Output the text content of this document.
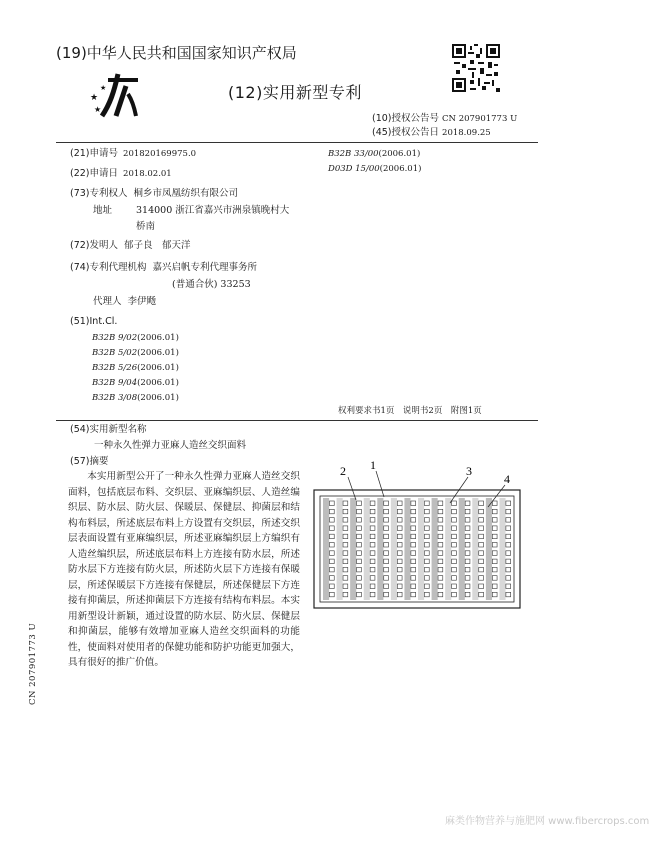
(19)中华人民共和国国家知识产权局
★
★
★	(12)实用新型专利
(10)授权公告号 CN 207901773 U
(45)授权公告日 2018.09.25
(21)申请号 201820169975.0
(22)申请日 2018.02.01
(73)专利权人 桐乡市凤凰纺织有限公司
地址	314000 浙江省嘉兴市洲泉镇晚村大
桥南
(72)发明人 郁子良　郁天洋
(74)专利代理机构 嘉兴启帆专利代理事务所
(普通合伙) 33253
代理人 李伊飏
(51)Int.Cl.
B32B 9/02(2006.01)
B32B 5/02(2006.01)
B32B 5/26(2006.01)
B32B 9/04(2006.01)
B32B 3/08(2006.01)
B32B 33/00(2006.01)
D03D 15/00(2006.01)
权利要求书1页　说明书2页　附图1页
(54)实用新型名称
一种永久性弹力亚麻人造丝交织面料
(57)摘要

本实用新型公开了一种永久性弹力亚麻人造丝交织面料，包括底层布料、交织层、亚麻编织层、人造丝编织层、防水层、防火层、保暖层、保健层、抑菌层和结构布料层，所述底层布料上方设置有交织层，所述交织层表面设置有亚麻编织层，所述亚麻编织层上方编织有人造丝编织层，所述底层布料上方连接有防水层，所述防水层下方连接有防火层，所述防火层下方连接有保暖层，所述保暖层下方连接有保健层，所述保健层下方连接有抑菌层，所述抑菌层下方连接有结构布料层。本实用新型设计新颖，通过设置的防水层、防火层、保健层和抑菌层，能够有效增加亚麻人造丝交织面料的功能性，使面料对使用者的保健功能和防护功能更加强大，具有很好的推广价值。

2 1	3
4
CN 207901773 U
麻类作物营养与施肥网 www.fibercrops.com
